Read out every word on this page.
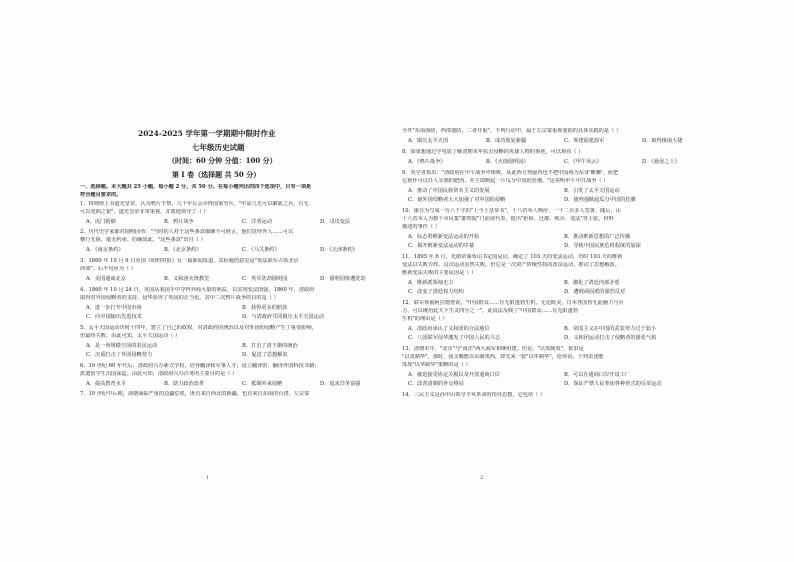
2024-2025 学年第一学期期中限时作业
七年级历史试题
（时间：60 分钟 分值：100 分）
第 Ⅰ 卷（选择题 共 50 分）
一、选择题。本大题共 25 小题，每小题 2 分，共 50 分。在每小题列出的四个选项中，只有一项是
符合题目要求的。
1、林则徐上书道光皇帝，认为鸦片不禁，几十年后会弄得国家穷兵，"中原几无可以御敌之兵，且无
可以充饷之银"。道光皇帝非常重视，并派他领导了（ ）
A．虎门销烟	B．鸦片战争	C．洋务运动	D．戊戌变法
2、历代史学家都对圆明园者："当时的人对于这些条款都确不可胜言，他们觉得外人……可以
横行无阻，毫无约束。的确如此，"这些条款"出自（ ）
A．《南京条约》	B．《北京条约》	C．《马关条约》	D．《天津条约》
3、1860 年 10 月 9 日英国《纽约时报》有一篇新闻报道，其标题的意思是"英法联军占领北京
西郊"。后半句应为（ ）
A．美国通商北京	B．义和团火烧教堂	C．英军洗劫圆明园	D．圆明园惨遭洗劫
4、1860 年 10 月 24 日，英国从我国手中夺得外商大量的利益，以实现变法图强，1860 年，清政府
取得对外国侵略者的支持，侵华获得了英国的正当化。其中二次鸦片战争的目的是（ ）
A．进一步打开中国市场	B．获得更多的赔款
C．向中国输出先进技术	D．与清政府共同镇压太平天国运动
5、太平天国运动历时十四年，建立了自己的政权，对清政府的统治以及对外国的侵略产生了重要影响，
但最终失败。由此可知，太平天国运动（ ）
A．是一场规模空前的农民运动	B．打击了清王朝的统治
C．沉重打击了外国侵略势力	D．促进了思想解放
6、19 世纪 60 年代后，清政府兴办新式学校，培养翻译和军事人才；设立翻译馆，翻译外国科技书籍；
派遣留学生出国深造。由此可知，清政府兴办洋务的主要目的是（ ）
A．提高教育水平	B．助力政治改革	C．抵制外来侵略	D．追求洋务富强
7、19 世纪中后期，清朝面临严重的边疆危机，既有来自西北的新疆，也有来自东南的台湾，左宗棠
1
全歼"东南海防，西部塞防，二者并重"。下列行动中，属于左宗棠重视塞防的具体实践的是（ ）
A．镇压太平天国	B．成功收复新疆	C．筹建福建海军	D．取得镇南大捷
8、如果想通过学电影了解清朝末年抗击侵略的英雄人物的事迹，可以观看（ ）
A．《鸦片战争》	B．《火烧圆明园》	C．《甲午风云》	D．《悬崖之上》
9、英学者指出："清政府在甲午战争中惨败，从此西方列强再也不把中国视为东亚'睡狮'，而把
它视作可以任人宰割的肥肉，并立即掀起一片瓜分中国的狂潮。"这说明甲午中日战争（ ）
A．推动了中国民族资本主义的发展	B．引发了太平天国运动
C．使外国侵略者大大加强了对中国的侵略	D．使列强掀起瓜分中国的狂潮
10、康有为写成一万八千字的"上今上皇帝书"，十八省举人响应，一千二百多人签署。随后，山
十八省举人为数千市民集"都察院"门前请代奏，提出"拒和、迁都、练兵、变法"等主张。材料
描述的事件（ ）
A．标志着维新变法运动的开始	B．推动维新思想的广泛传播
C．揭开维新变法运动的序幕	D．导致中国民族危机程度的加深
11、1895 年 6 月，光绪帝颁布诏书定国是诏，确定了 103 天的变法运动，历时 103 天的维新
变法以失败告终。这次运动虽然失败，但它是一次资产阶级性质的改良运动，推动了思想解放。
维新变法失败的主要原因是（ ）
A．维新派领袖无力	B．激化了清廷内部矛盾
C．改变了清廷权力结构	D．遭到顽固派的强烈反对
12、联军领袖阿拉德曾说，"中国群众……有无限蓬勃生机，无论欧美，日本各国皆无此脑力与兵
力，可以统治此天下生灵四分之一"。此说法反映了"中国群众……有无限蓬勃
生机"的理由是（ ）
A．清政府承认了义和团的合法地位	B．帝国主义在中国的武装势力过于弱小
C．八国联军侵华激发了中国人民的斗志	D．义和团运动打击了侵略者的嚣张气焰
13、清朝末年，"北洋"与"南洋"两大海军相继组建。但是，"以夷制夷"，依旧是
"以夷制华"。那时，我又哪能以东制夷西，却先来一套"以华制华"，给你看。下列表述能
体现"以华制华"策略的是（ ）
A．被迫接受协定关税以及开放通商口岸	B．可以在通商口岸开设工厂
C．改善清朝的外交格局	D．保证严禁人民参加各种形式的反帝运动
14、三民主义是孙中山领导辛亥革命的指导思想，它包括（ ）
2
